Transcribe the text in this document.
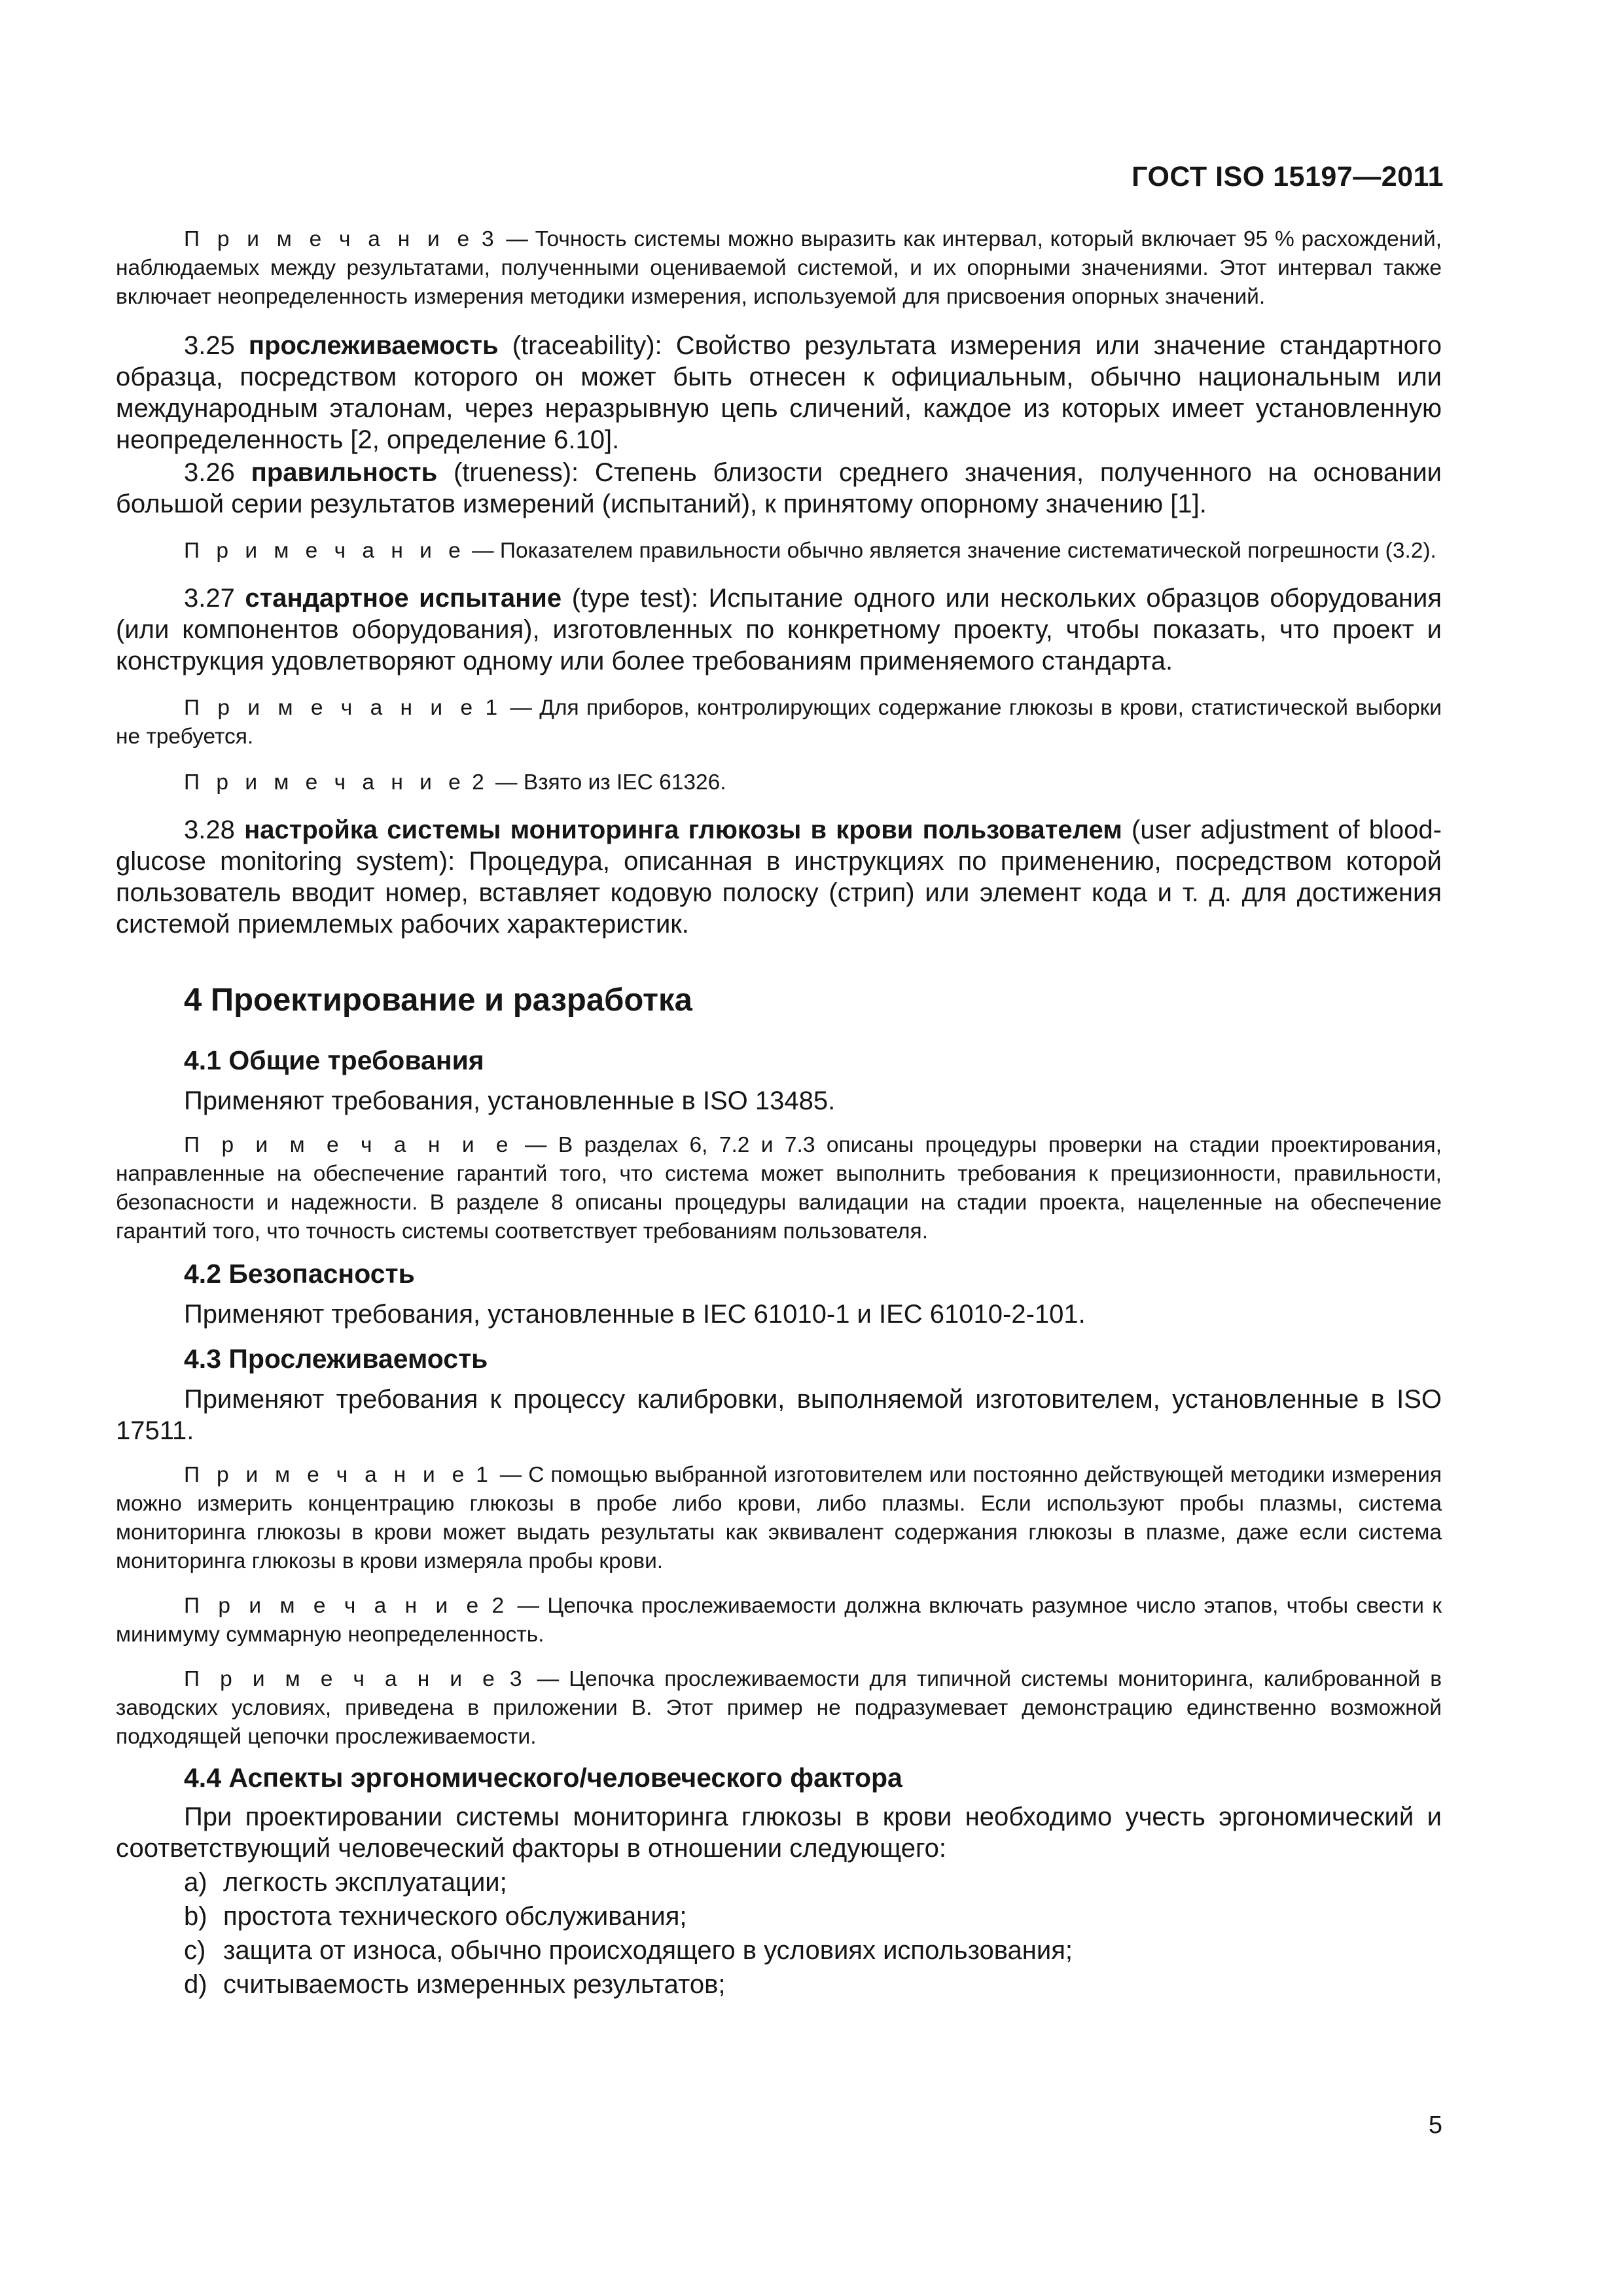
ГОСТ ISO 15197—2011

П р и м е ч а н и е 3 — Точность системы можно выразить как интервал, который включает 95 % расхождений, наблюдаемых между результатами, полученными оцениваемой системой, и их опорными значениями. Этот интервал также включает неопределенность измерения методики измерения, используемой для присвоения опорных значений.

3.25 прослеживаемость (traceability): Свойство результата измерения или значение стандартного образца, посредством которого он может быть отнесен к официальным, обычно национальным или международным эталонам, через неразрывную цепь сличений, каждое из которых имеет установленную неопределенность [2, определение 6.10].

3.26 правильность (trueness): Степень близости среднего значения, полученного на основании большой серии результатов измерений (испытаний), к принятому опорному значению [1].

П р и м е ч а н и е — Показателем правильности обычно является значение систематической погрешности (3.2).

3.27 стандартное испытание (type test): Испытание одного или нескольких образцов оборудования (или компонентов оборудования), изготовленных по конкретному проекту, чтобы показать, что проект и конструкция удовлетворяют одному или более требованиям применяемого стандарта.

П р и м е ч а н и е 1 — Для приборов, контролирующих содержание глюкозы в крови, статистической выборки не требуется.

П р и м е ч а н и е 2 — Взято из IEC 61326.

3.28 настройка системы мониторинга глюкозы в крови пользователем (user adjustment of blood-glucose monitoring system): Процедура, описанная в инструкциях по применению, посредством которой пользователь вводит номер, вставляет кодовую полоску (стрип) или элемент кода и т. д. для достижения системой приемлемых рабочих характеристик.

4 Проектирование и разработка
4.1 Общие требования

Применяют требования, установленные в ISO 13485.

П р и м е ч а н и е — В разделах 6, 7.2 и 7.3 описаны процедуры проверки на стадии проектирования, направленные на обеспечение гарантий того, что система может выполнить требования к прецизионности, правильности, безопасности и надежности. В разделе 8 описаны процедуры валидации на стадии проекта, нацеленные на обеспечение гарантий того, что точность системы соответствует требованиям пользователя.

4.2 Безопасность

Применяют требования, установленные в IEC 61010-1 и IEC 61010-2-101.

4.3 Прослеживаемость

Применяют требования к процессу калибровки, выполняемой изготовителем, установленные в ISO 17511.

П р и м е ч а н и е 1 — С помощью выбранной изготовителем или постоянно действующей методики измерения можно измерить концентрацию глюкозы в пробе либо крови, либо плазмы. Если используют пробы плазмы, система мониторинга глюкозы в крови может выдать результаты как эквивалент содержания глюкозы в плазме, даже если система мониторинга глюкозы в крови измеряла пробы крови.

П р и м е ч а н и е 2 — Цепочка прослеживаемости должна включать разумное число этапов, чтобы свести к минимуму суммарную неопределенность.

П р и м е ч а н и е 3 — Цепочка прослеживаемости для типичной системы мониторинга, калиброванной в заводских условиях, приведена в приложении В. Этот пример не подразумевает демонстрацию единственно возможной подходящей цепочки прослеживаемости.

4.4 Аспекты эргономического/человеческого фактора

При проектировании системы мониторинга глюкозы в крови необходимо учесть эргономический и соответствующий человеческий факторы в отношении следующего:

a) легкость эксплуатации;
b) простота технического обслуживания;
c) защита от износа, обычно происходящего в условиях использования;
d) считываемость измеренных результатов;
5
